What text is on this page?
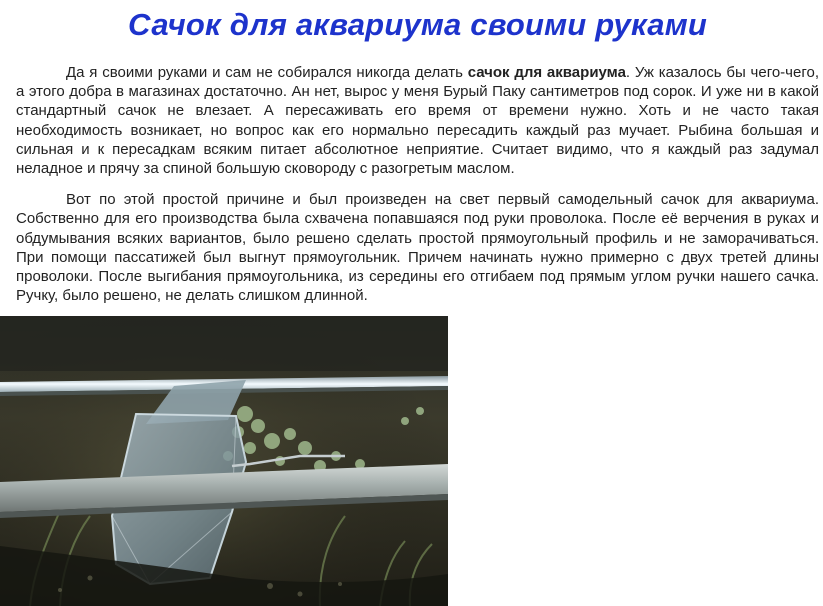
Сачок для аквариума своими руками

Да я своими руками и сам не собирался никогда делать сачок для аквариума. Уж казалось бы чего-чего, а этого добра в магазинах достаточно. Ан нет, вырос у меня Бурый Паку сантиметров под сорок. И уже ни в какой стандартный сачок не влезает. А пересаживать его время от времени нужно. Хоть и не часто такая необходимость возникает, но вопрос как его нормально пересадить каждый раз мучает. Рыбина большая и сильная и к пересадкам всяким питает абсолютное неприятие. Считает видимо, что я каждый раз задумал неладное и прячу за спиной большую сковороду с разогретым маслом.

Вот по этой простой причине и был произведен на свет первый самодельный сачок для аквариума. Собственно для его производства была схвачена попавшаяся под руки проволока. После её верчения в руках и обдумывания всяких вариантов, было решено сделать простой прямоугольный профиль и не заморачиваться. При помощи пассатижей был выгнут прямоугольник. Причем начинать нужно примерно с двух третей длины проволоки. После выгибания прямоугольника, из середины его отгибаем под прямым углом ручки нашего сачка. Ручку, было решено, не делать слишком длинной.
